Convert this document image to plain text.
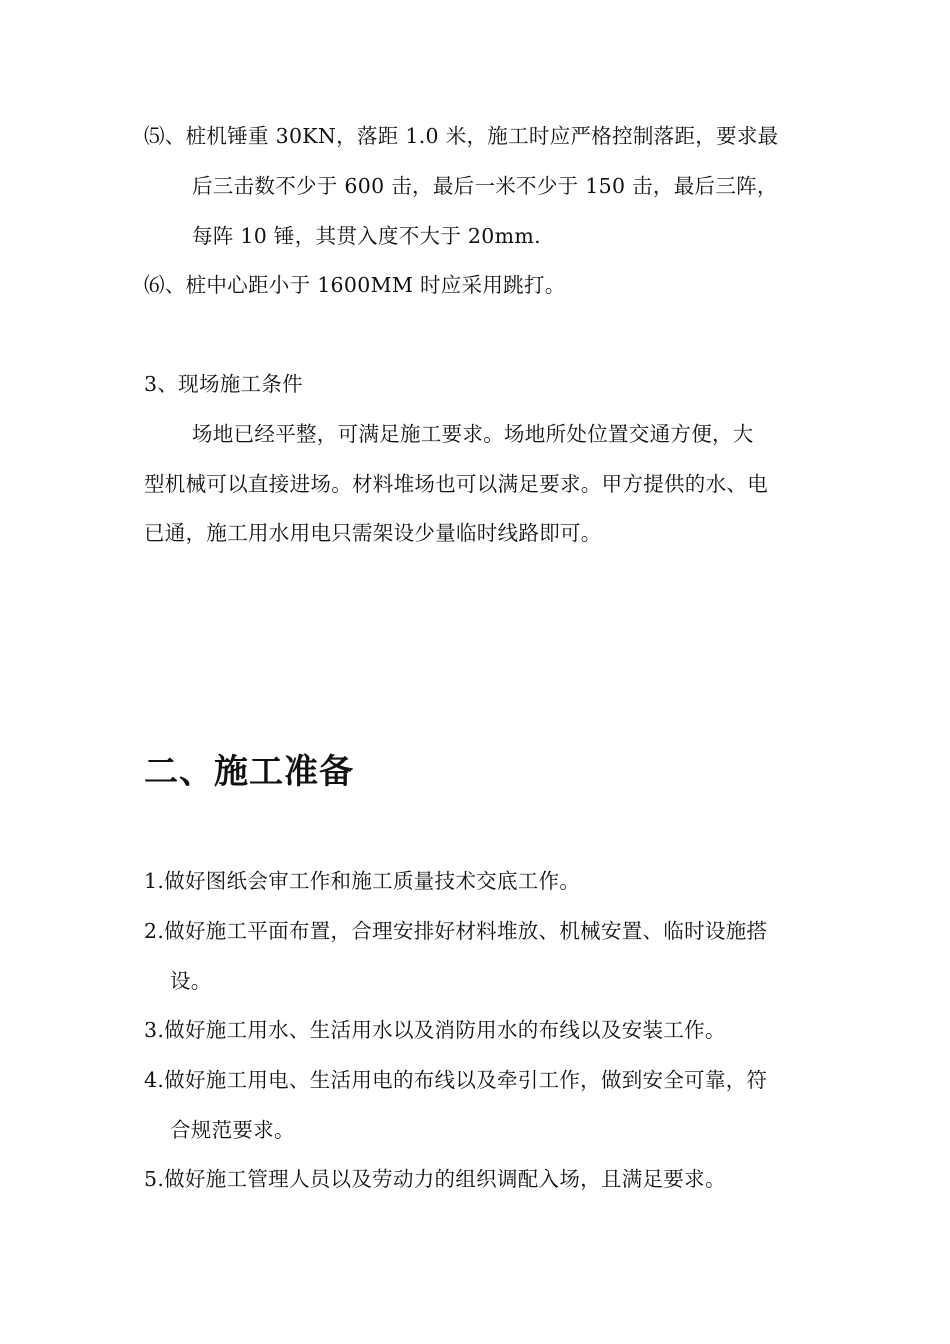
⑸、桩机锤重 30KN，落距 1.0 米，施工时应严格控制落距，要求最
后三击数不少于 600 击，最后一米不少于 150 击，最后三阵，
每阵 10 锤，其贯入度不大于 20mm.
⑹、桩中心距小于 1600MM 时应采用跳打。
3、现场施工条件
场地已经平整，可满足施工要求。场地所处位置交通方便，大
型机械可以直接进场。材料堆场也可以满足要求。甲方提供的水、电
已通，施工用水用电只需架设少量临时线路即可。
二、施工准备
1.做好图纸会审工作和施工质量技术交底工作。
2.做好施工平面布置，合理安排好材料堆放、机械安置、临时设施搭
设。
3.做好施工用水、生活用水以及消防用水的布线以及安装工作。
4.做好施工用电、生活用电的布线以及牵引工作，做到安全可靠，符
合规范要求。
5.做好施工管理人员以及劳动力的组织调配入场，且满足要求。
